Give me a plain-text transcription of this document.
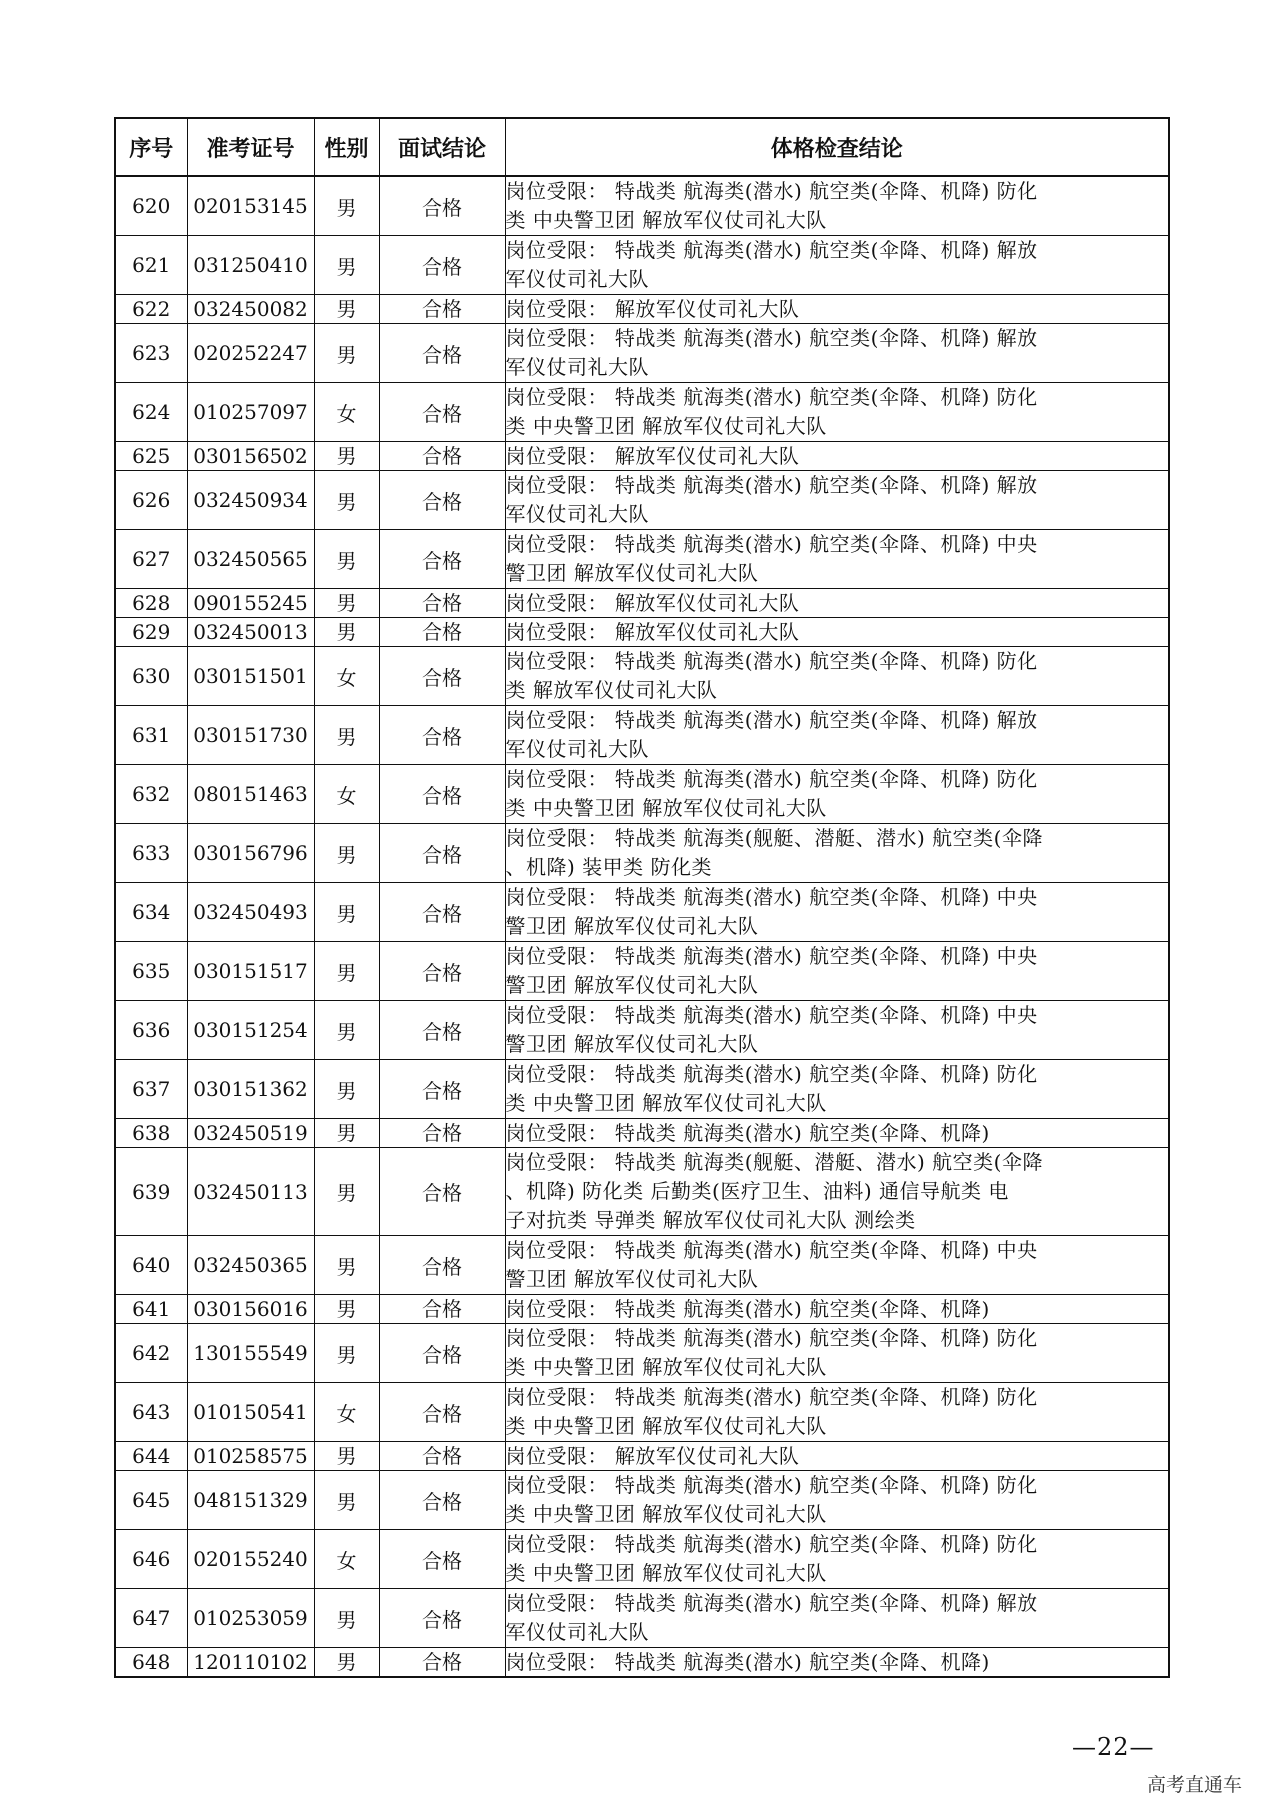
序号	准考证号	性别	面试结论	体格检查结论
620	020153145	男	合格	岗位受限： 特战类 航海类(潜水) 航空类(伞降、机降) 防化
类 中央警卫团 解放军仪仗司礼大队

621	031250410	男	合格	岗位受限： 特战类 航海类(潜水) 航空类(伞降、机降) 解放
军仪仗司礼大队

622	032450082	男	合格	岗位受限： 解放军仪仗司礼大队

623	020252247	男	合格	岗位受限： 特战类 航海类(潜水) 航空类(伞降、机降) 解放
军仪仗司礼大队

624	010257097	女	合格	岗位受限： 特战类 航海类(潜水) 航空类(伞降、机降) 防化
类 中央警卫团 解放军仪仗司礼大队

625	030156502	男	合格	岗位受限： 解放军仪仗司礼大队

626	032450934	男	合格	岗位受限： 特战类 航海类(潜水) 航空类(伞降、机降) 解放
军仪仗司礼大队

627	032450565	男	合格	岗位受限： 特战类 航海类(潜水) 航空类(伞降、机降) 中央
警卫团 解放军仪仗司礼大队

628	090155245	男	合格	岗位受限： 解放军仪仗司礼大队

629	032450013	男	合格	岗位受限： 解放军仪仗司礼大队

630	030151501	女	合格	岗位受限： 特战类 航海类(潜水) 航空类(伞降、机降) 防化
类 解放军仪仗司礼大队

631	030151730	男	合格	岗位受限： 特战类 航海类(潜水) 航空类(伞降、机降) 解放
军仪仗司礼大队

632	080151463	女	合格	岗位受限： 特战类 航海类(潜水) 航空类(伞降、机降) 防化
类 中央警卫团 解放军仪仗司礼大队

633	030156796	男	合格	岗位受限： 特战类 航海类(舰艇、潜艇、潜水) 航空类(伞降
、机降) 装甲类 防化类

634	032450493	男	合格	岗位受限： 特战类 航海类(潜水) 航空类(伞降、机降) 中央
警卫团 解放军仪仗司礼大队

635	030151517	男	合格	岗位受限： 特战类 航海类(潜水) 航空类(伞降、机降) 中央
警卫团 解放军仪仗司礼大队

636	030151254	男	合格	岗位受限： 特战类 航海类(潜水) 航空类(伞降、机降) 中央
警卫团 解放军仪仗司礼大队

637	030151362	男	合格	岗位受限： 特战类 航海类(潜水) 航空类(伞降、机降) 防化
类 中央警卫团 解放军仪仗司礼大队

638	032450519	男	合格	岗位受限： 特战类 航海类(潜水) 航空类(伞降、机降)

639	032450113	男	合格	岗位受限： 特战类 航海类(舰艇、潜艇、潜水) 航空类(伞降
、机降) 防化类 后勤类(医疗卫生、油料) 通信导航类 电
子对抗类 导弹类 解放军仪仗司礼大队 测绘类

640	032450365	男	合格	岗位受限： 特战类 航海类(潜水) 航空类(伞降、机降) 中央
警卫团 解放军仪仗司礼大队

641	030156016	男	合格	岗位受限： 特战类 航海类(潜水) 航空类(伞降、机降)

642	130155549	男	合格	岗位受限： 特战类 航海类(潜水) 航空类(伞降、机降) 防化
类 中央警卫团 解放军仪仗司礼大队

643	010150541	女	合格	岗位受限： 特战类 航海类(潜水) 航空类(伞降、机降) 防化
类 中央警卫团 解放军仪仗司礼大队

644	010258575	男	合格	岗位受限： 解放军仪仗司礼大队

645	048151329	男	合格	岗位受限： 特战类 航海类(潜水) 航空类(伞降、机降) 防化
类 中央警卫团 解放军仪仗司礼大队

646	020155240	女	合格	岗位受限： 特战类 航海类(潜水) 航空类(伞降、机降) 防化
类 中央警卫团 解放军仪仗司礼大队

647	010253059	男	合格	岗位受限： 特战类 航海类(潜水) 航空类(伞降、机降) 解放
军仪仗司礼大队

648	120110102	男	合格	岗位受限： 特战类 航海类(潜水) 航空类(伞降、机降)
—22—
高考直通车
